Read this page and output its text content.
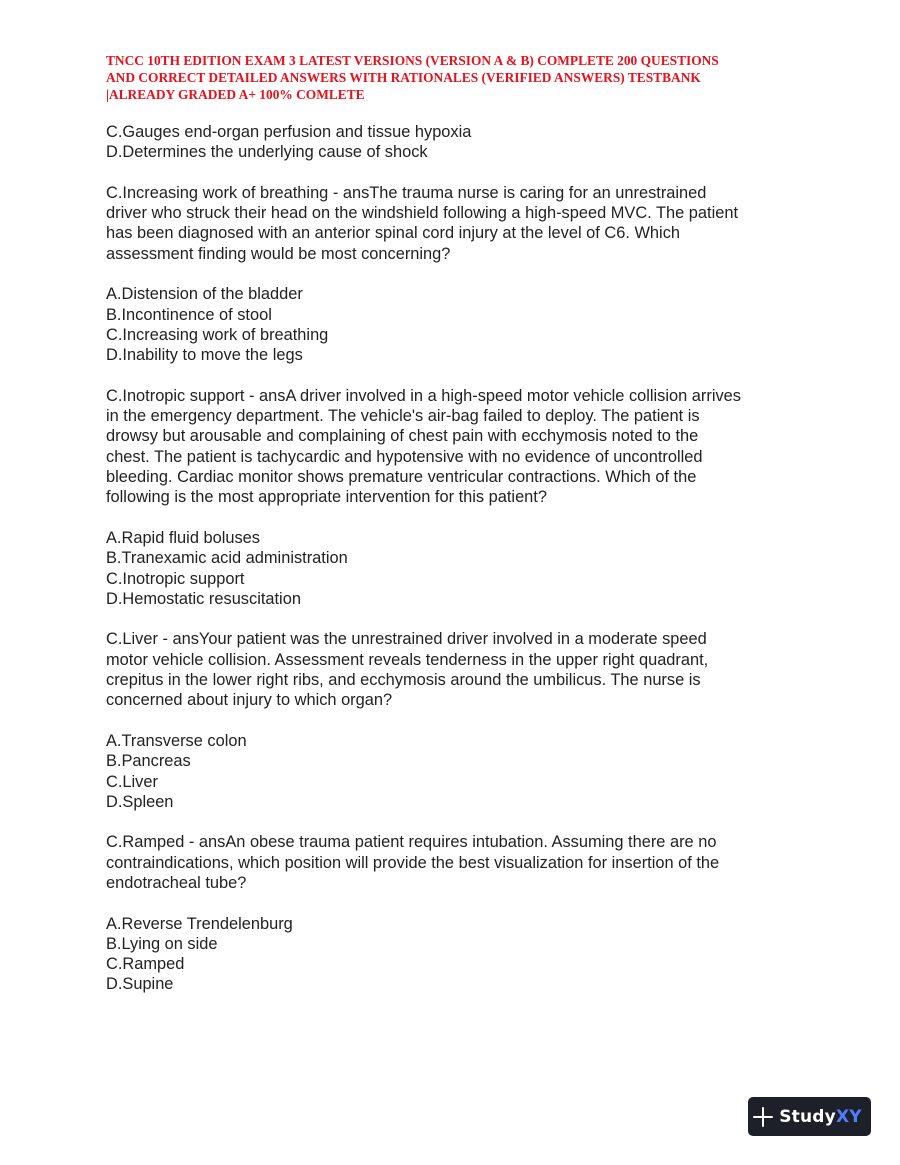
TNCC 10TH EDITION EXAM 3 LATEST VERSIONS (VERSION A & B) COMPLETE 200 QUESTIONS
AND CORRECT DETAILED ANSWERS WITH RATIONALES (VERIFIED ANSWERS) TESTBANK
|ALREADY GRADED A+ 100% COMLETE
C.Gauges end-organ perfusion and tissue hypoxia
D.Determines the underlying cause of shock
C.Increasing work of breathing - ansThe trauma nurse is caring for an unrestrained
driver who struck their head on the windshield following a high-speed MVC. The patient
has been diagnosed with an anterior spinal cord injury at the level of C6. Which
assessment finding would be most concerning?
A.Distension of the bladder
B.Incontinence of stool
C.Increasing work of breathing
D.Inability to move the legs
C.Inotropic support - ansA driver involved in a high-speed motor vehicle collision arrives
in the emergency department. The vehicle's air-bag failed to deploy. The patient is
drowsy but arousable and complaining of chest pain with ecchymosis noted to the
chest. The patient is tachycardic and hypotensive with no evidence of uncontrolled
bleeding. Cardiac monitor shows premature ventricular contractions. Which of the
following is the most appropriate intervention for this patient?
A.Rapid fluid boluses
B.Tranexamic acid administration
C.Inotropic support
D.Hemostatic resuscitation
C.Liver - ansYour patient was the unrestrained driver involved in a moderate speed
motor vehicle collision. Assessment reveals tenderness in the upper right quadrant,
crepitus in the lower right ribs, and ecchymosis around the umbilicus. The nurse is
concerned about injury to which organ?
A.Transverse colon
B.Pancreas
C.Liver
D.Spleen
C.Ramped - ansAn obese trauma patient requires intubation. Assuming there are no
contraindications, which position will provide the best visualization for insertion of the
endotracheal tube?
A.Reverse Trendelenburg
B.Lying on side
C.Ramped
D.Supine
StudyXY
